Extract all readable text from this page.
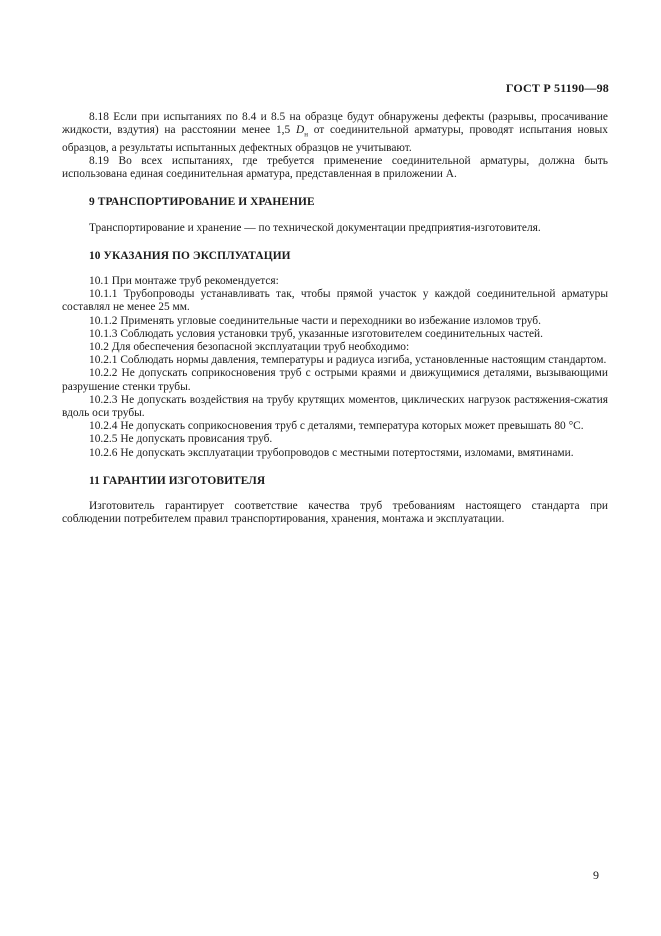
ГОСТ Р 51190—98

8.18 Если при испытаниях по 8.4 и 8.5 на образце будут обнаружены дефекты (разрывы, просачивание жидкости, вздутия) на расстоянии менее 1,5 $D_н$ от соединительной арматуры, проводят испытания новых образцов, а результаты испытанных дефектных образцов не учитывают.

8.19 Во всех испытаниях, где требуется применение соединительной арматуры, должна быть использована единая соединительная арматура, представленная в приложении А.

9 ТРАНСПОРТИРОВАНИЕ И ХРАНЕНИЕ

Транспортирование и хранение — по технической документации предприятия-изготовителя.

10 УКАЗАНИЯ ПО ЭКСПЛУАТАЦИИ

10.1 При монтаже труб рекомендуется:

10.1.1 Трубопроводы устанавливать так, чтобы прямой участок у каждой соединительной арматуры составлял не менее 25 мм.

10.1.2 Применять угловые соединительные части и переходники во избежание изломов труб.

10.1.3 Соблюдать условия установки труб, указанные изготовителем соединительных частей.

10.2 Для обеспечения безопасной эксплуатации труб необходимо:

10.2.1 Соблюдать нормы давления, температуры и радиуса изгиба, установленные настоящим стандартом.

10.2.2 Не допускать соприкосновения труб с острыми краями и движущимися деталями, вызывающими разрушение стенки трубы.

10.2.3 Не допускать воздействия на трубу крутящих моментов, циклических нагрузок растяжения-сжатия вдоль оси трубы.

10.2.4 Не допускать соприкосновения труб с деталями, температура которых может превышать 80 °С.

10.2.5 Не допускать провисания труб.

10.2.6 Не допускать эксплуатации трубопроводов с местными потертостями, изломами, вмятинами.

11 ГАРАНТИИ ИЗГОТОВИТЕЛЯ

Изготовитель гарантирует соответствие качества труб требованиям настоящего стандарта при соблюдении потребителем правил транспортирования, хранения, монтажа и эксплуатации.

9
